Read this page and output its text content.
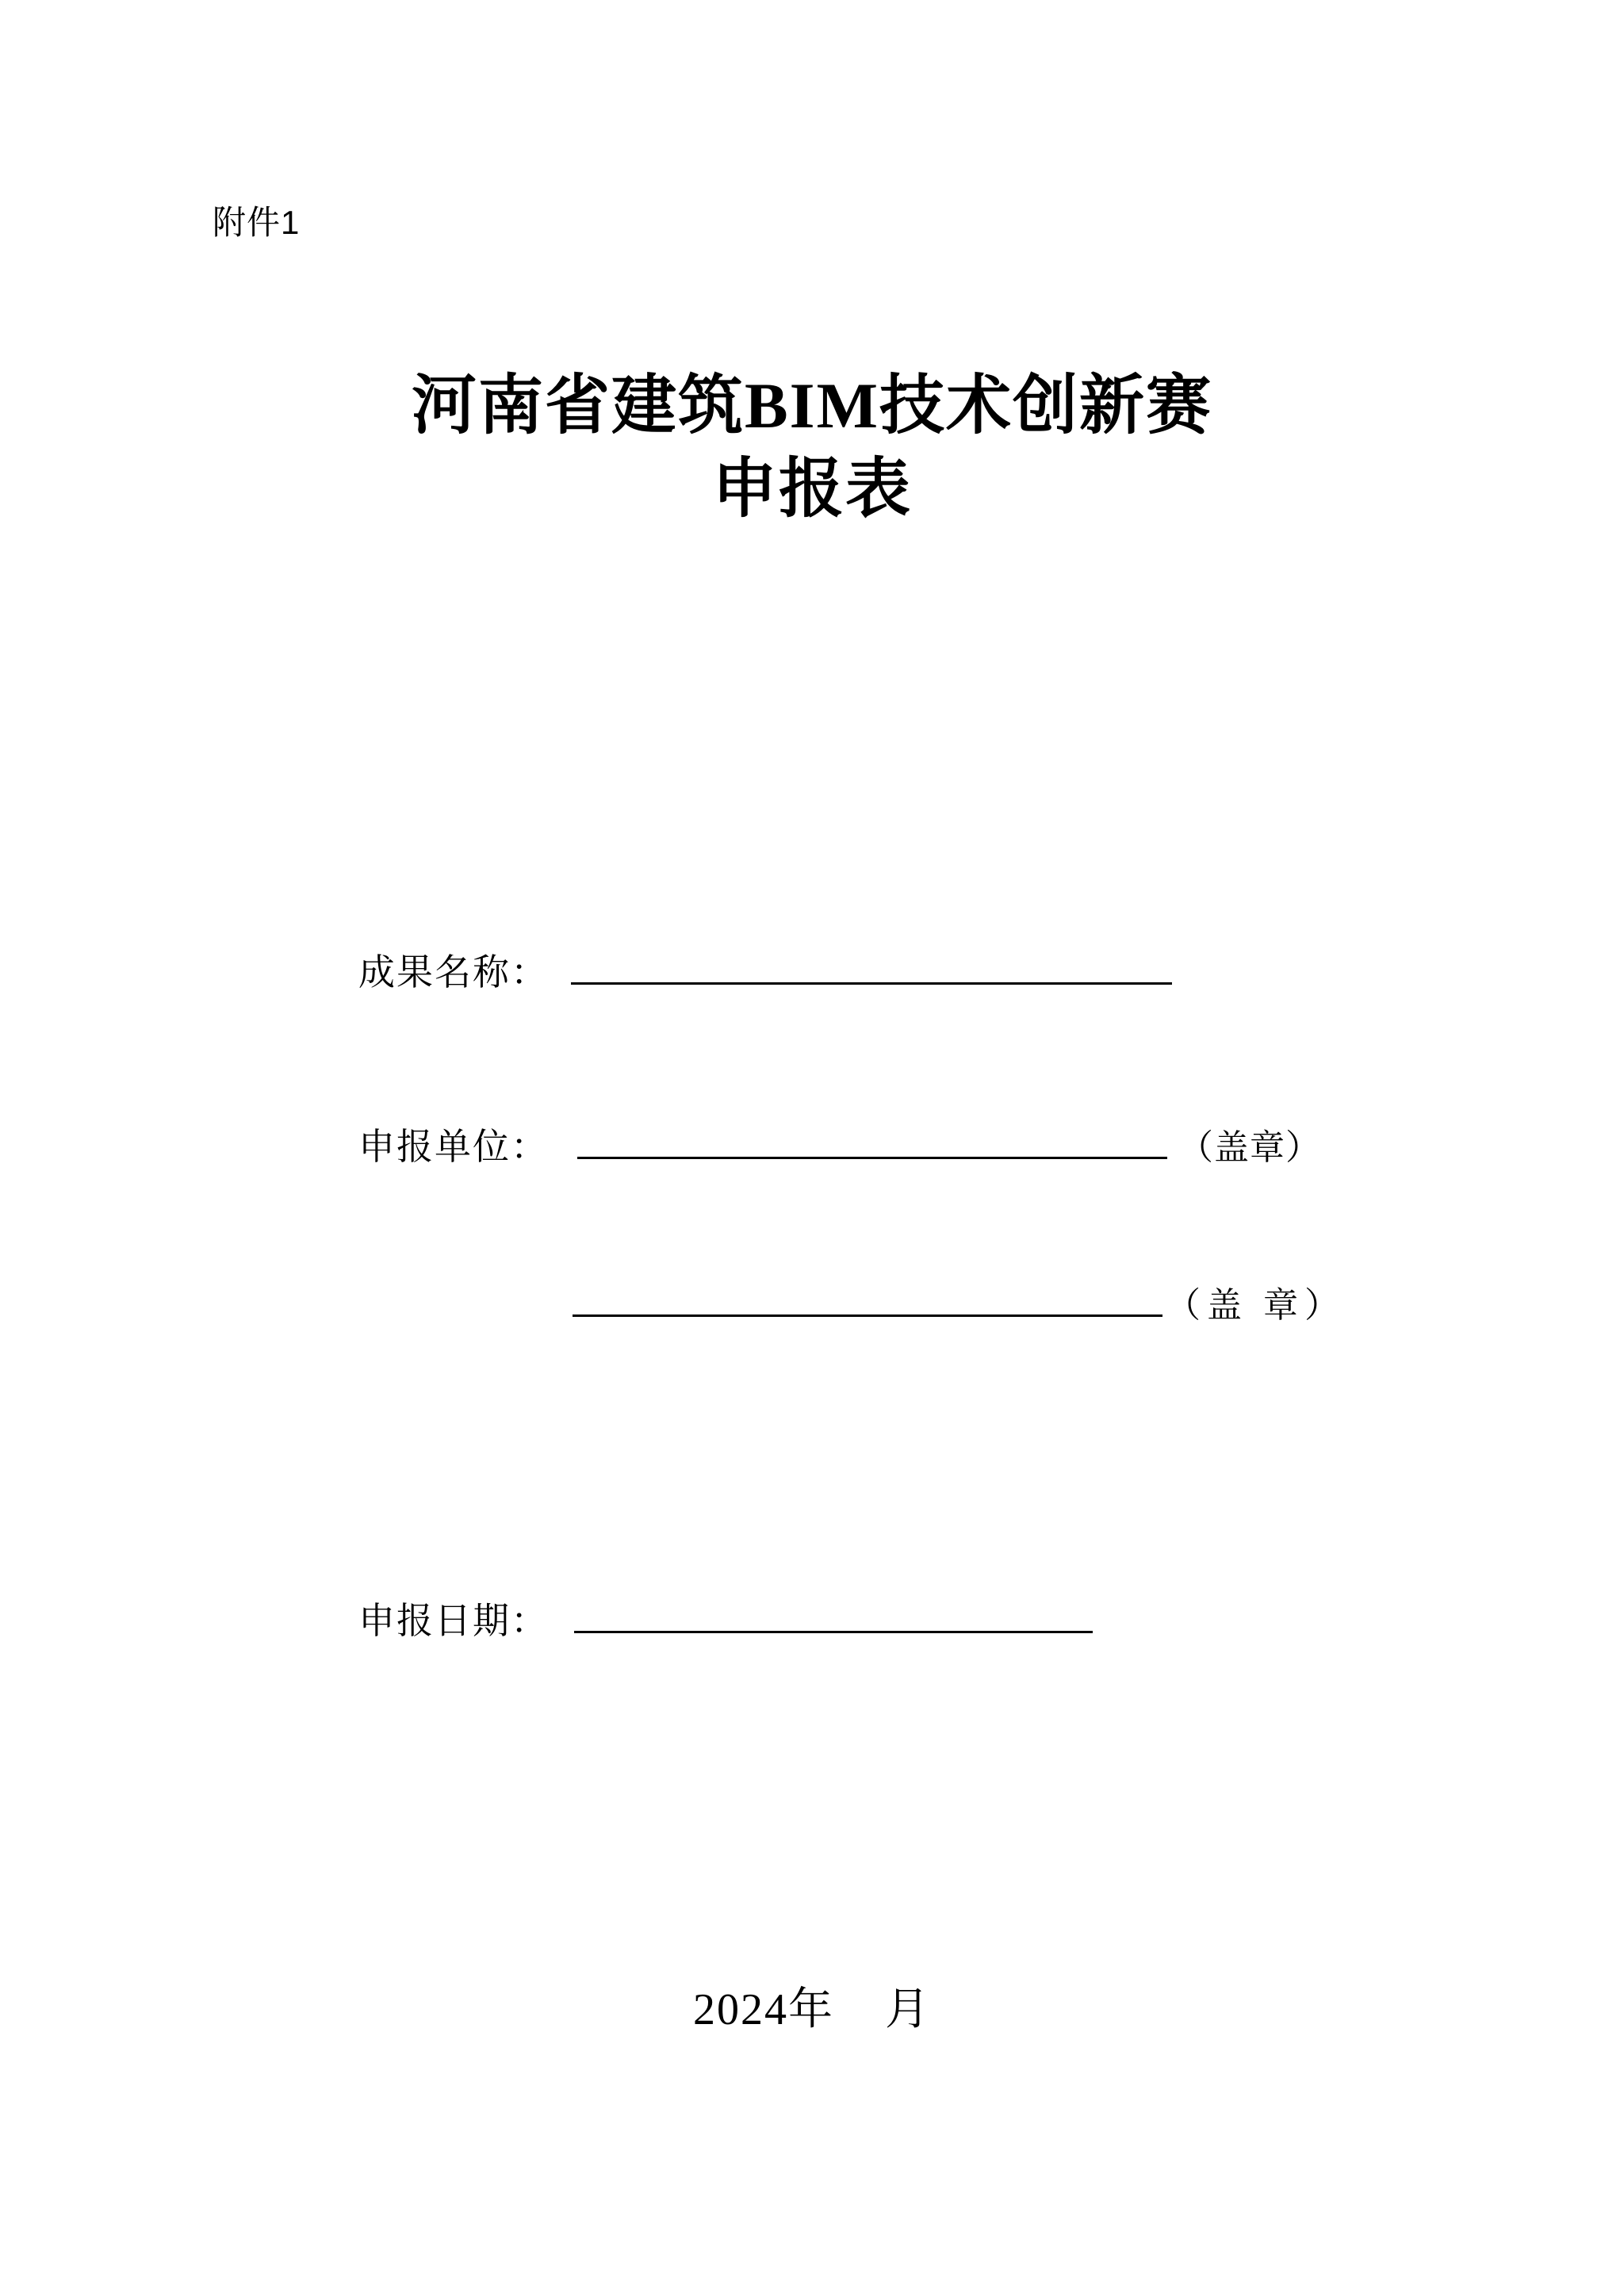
附件1
河南省建筑BIM技术创新赛
申报表
成果名称：
申报单位：	（盖章）
（盖 章）
申报日期：
2024年 月
